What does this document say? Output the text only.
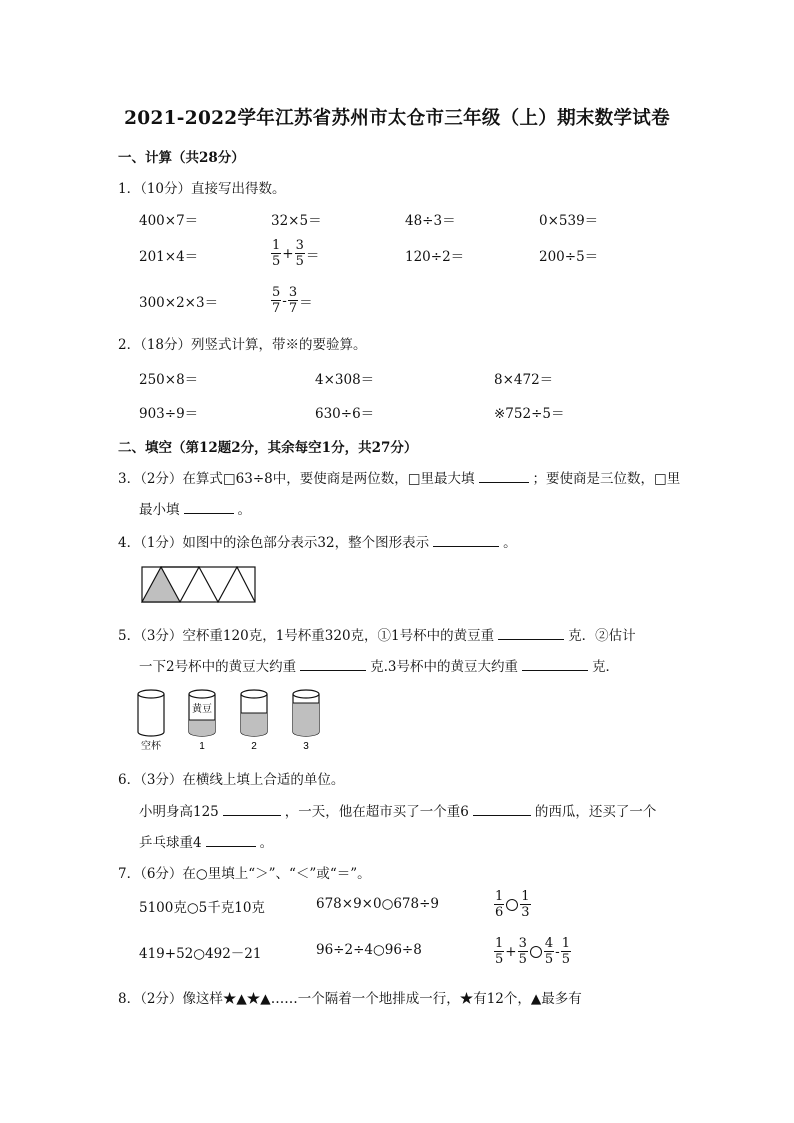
2021-2022学年江苏省苏州市太仓市三年级（上）期末数学试卷
一、计算（共28分）
1．（10分）直接写出得数。
400×7＝	32×5＝	48÷3＝	0×539＝
201×4＝	$\frac{1}{5} + \frac{3}{5}$ ＝	120÷2＝	200÷5＝
300×2×3＝	$\frac{5}{7} - \frac{3}{7}$ ＝
2．（18分）列竖式计算，带※的要验算。
250×8＝	4×308＝	8×472＝
903÷9＝	630÷6＝	※752÷5＝
二、填空（第12题2分，其余每空1分，共27分）
3．（2分）在算式□63÷8中，要使商是两位数，□里最大填	；要使商是三位数，□里
最小填	。
4．（1分）如图中的涂色部分表示32，整个图形表示	。
5．（3分）空杯重120克，1号杯重320克，①1号杯中的黄豆重	克．②估计
一下2号杯中的黄豆大约重	克.3号杯中的黄豆大约重	克．
黄豆
空杯	1	2	3
6．（3分）在横线上填上合适的单位。
小明身高125	，一天，他在超市买了一个重6	的西瓜，还买了一个
乒乓球重4	。
7．（6分）在○里填上“＞”、“＜”或“＝”。
5100克○5千克10克	678×9×0○678÷9	$\frac{1}{6} \frac{1}{3}$
419+52○492－21	96÷2÷4○96÷8	$\frac{1}{5} + \frac{3}{5} \frac{4}{5} - \frac{1}{5}$
8．（2分）像这样★▲★▲……一个隔着一个地排成一行，★有12个，▲最多有
